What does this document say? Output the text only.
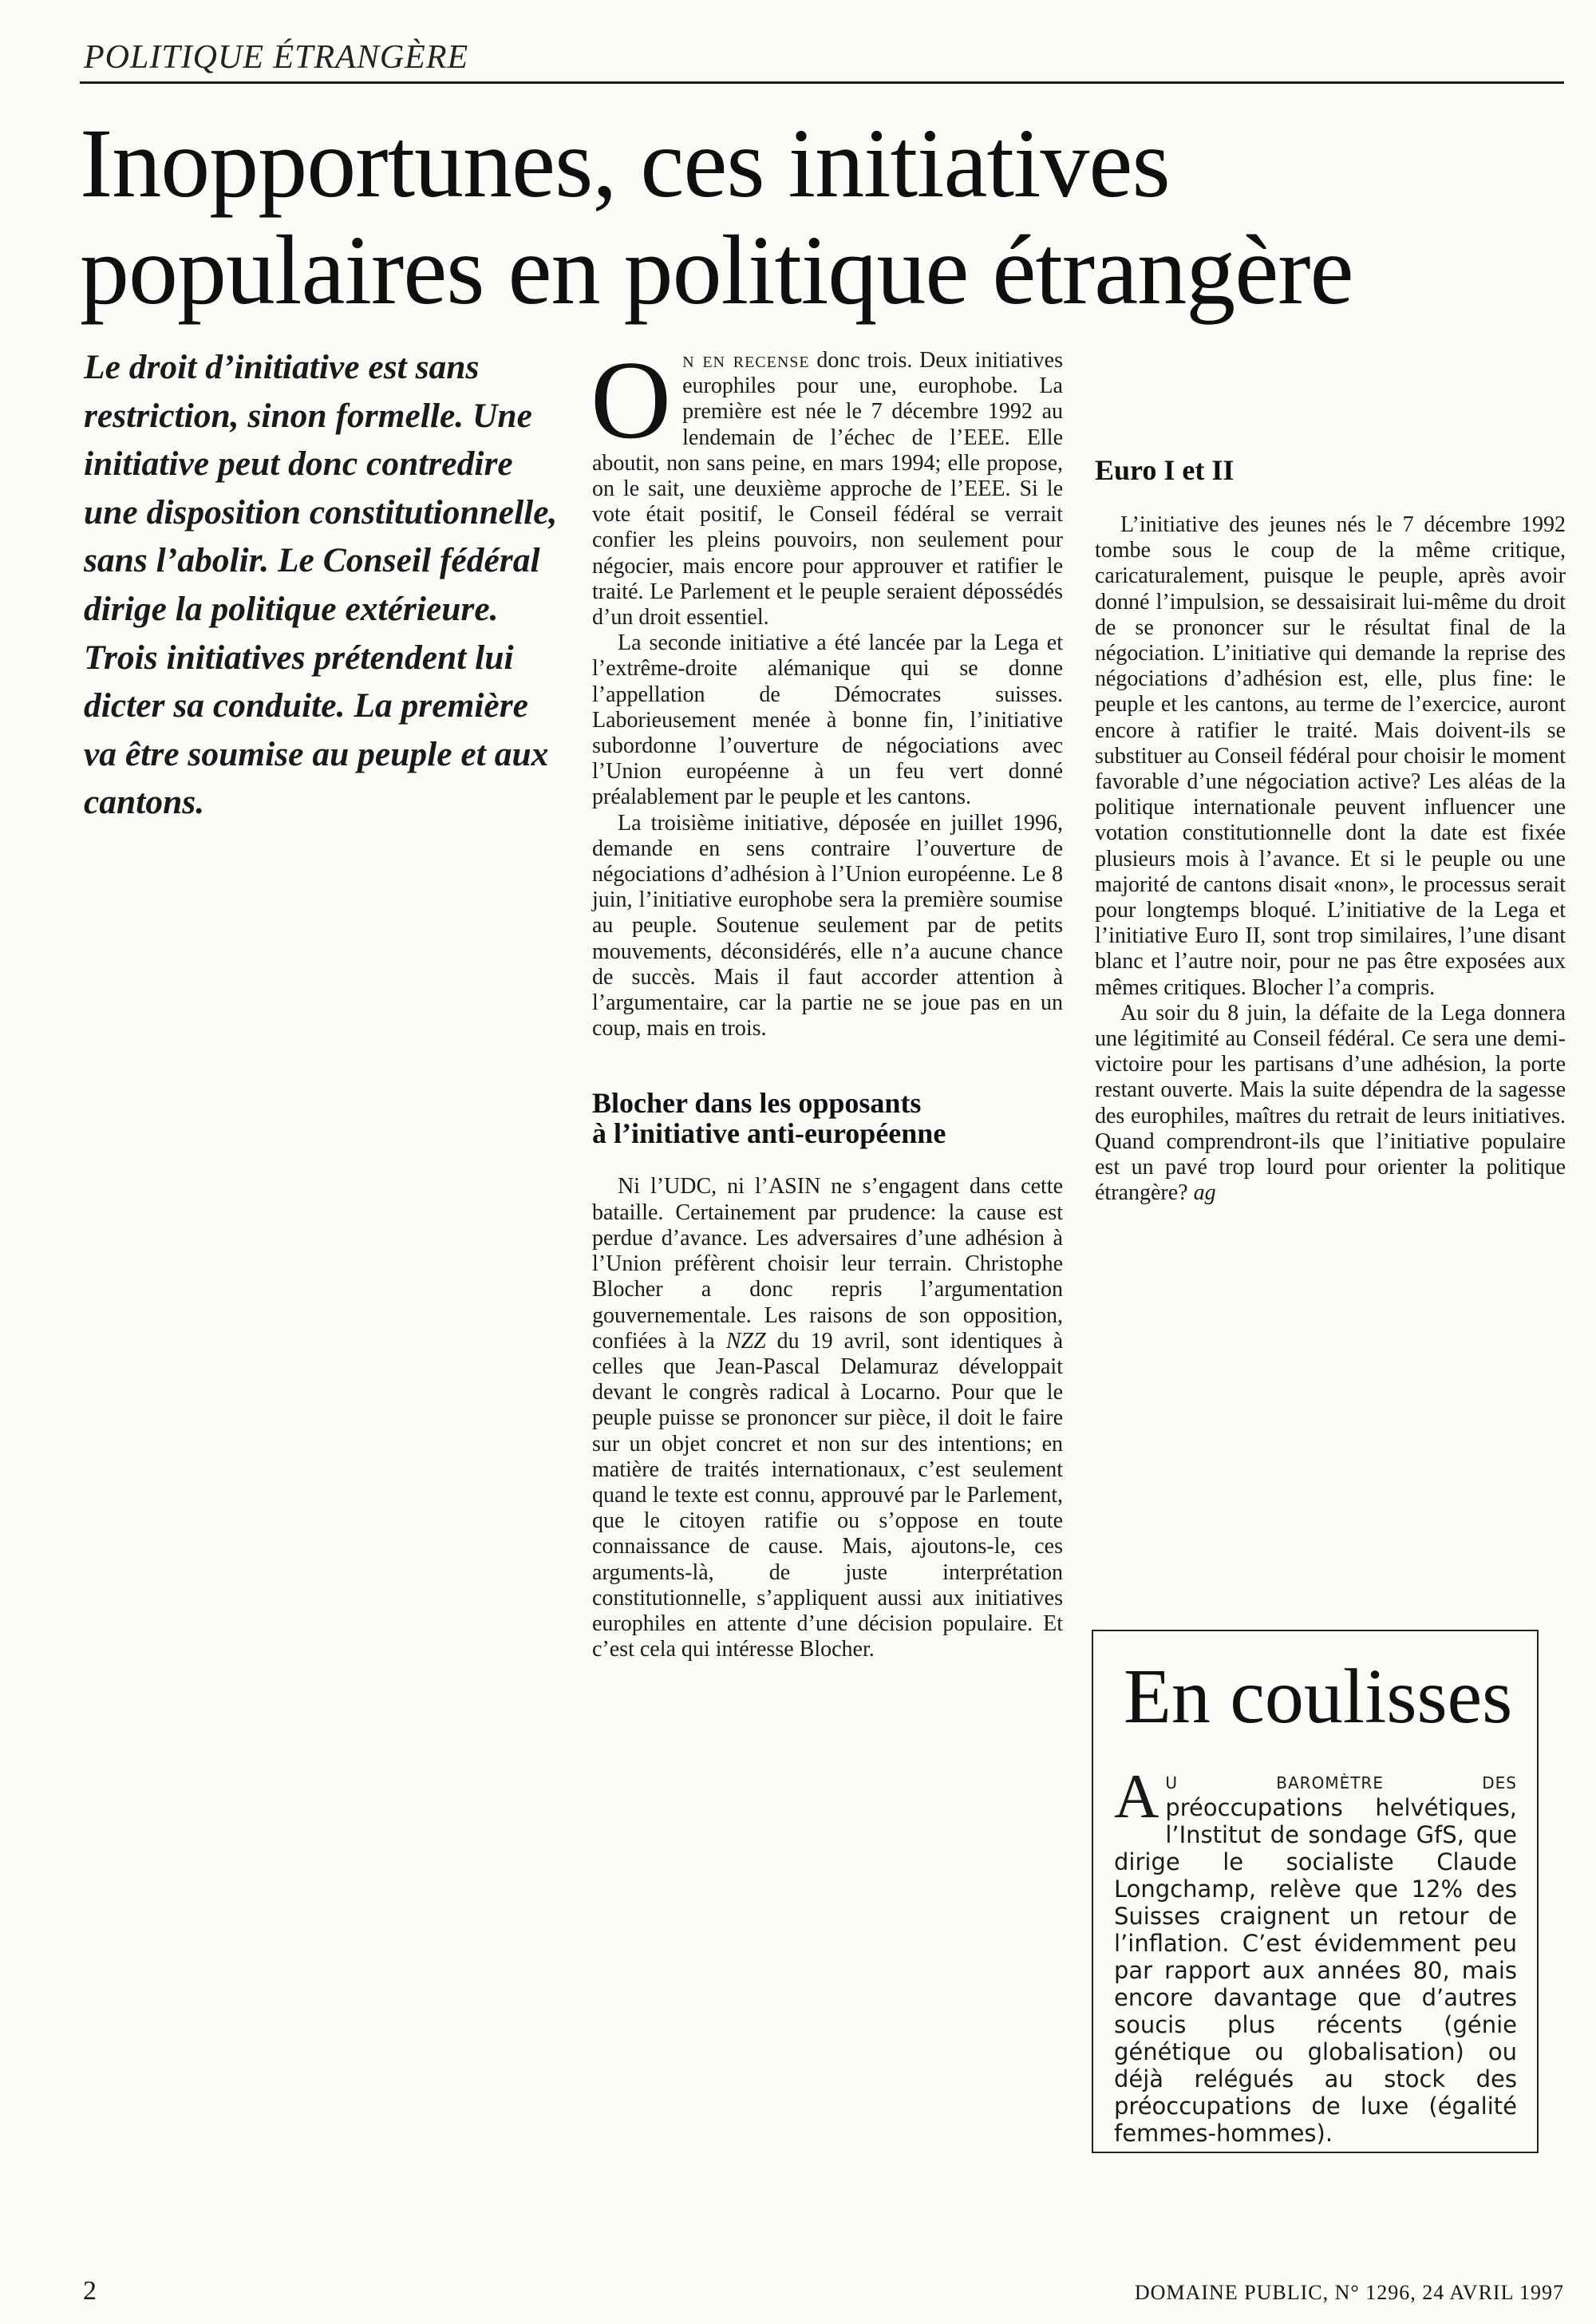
POLITIQUE ÉTRANGÈRE
Inopportunes, ces initiatives populaires en politique étrangère
Le droit d’initiative est sans restriction, sinon formelle. Une initiative peut donc contredire une disposition constitutionnelle, sans l’abolir. Le Conseil fédéral dirige la politique extérieure. Trois initiatives prétendent lui dicter sa conduite. La première va être soumise au peuple et aux cantons.

On en recense donc trois. Deux initiatives europhiles pour une, europhobe. La première est née le 7 décembre 1992 au lendemain de l’échec de l’EEE. Elle aboutit, non sans peine, en mars 1994; elle propose, on le sait, une deuxième approche de l’EEE. Si le vote était positif, le Conseil fédéral se verrait confier les pleins pouvoirs, non seulement pour négocier, mais encore pour approuver et ratifier le traité. Le Parlement et le peuple seraient dépossédés d’un droit essentiel.

La seconde initiative a été lancée par la Lega et l’extrême-droite alémanique qui se donne l’appellation de Démocrates suisses. Laborieusement menée à bonne fin, l’initiative subordonne l’ouverture de négociations avec l’Union européenne à un feu vert donné préalablement par le peuple et les cantons.

La troisième initiative, déposée en juillet 1996, demande en sens contraire l’ouverture de négociations d’adhésion à l’Union européenne. Le 8 juin, l’initiative europhobe sera la première soumise au peuple. Soutenue seulement par de petits mouvements, déconsidérés, elle n’a aucune chance de succès. Mais il faut accorder attention à l’argumentaire, car la partie ne se joue pas en un coup, mais en trois.

Blocher dans les opposants
à l’initiative anti-européenne

Ni l’UDC, ni l’ASIN ne s’engagent dans cette bataille. Certainement par prudence: la cause est perdue d’avance. Les adversaires d’une adhésion à l’Union préfèrent choisir leur terrain. Christophe Blocher a donc repris l’argumentation gouvernementale. Les raisons de son opposition, confiées à la NZZ du 19 avril, sont identiques à celles que Jean-Pascal Delamuraz développait devant le congrès radical à Locarno. Pour que le peuple puisse se prononcer sur pièce, il doit le faire sur un objet concret et non sur des intentions; en matière de traités internationaux, c’est seulement quand le texte est connu, approuvé par le Parlement, que le citoyen ratifie ou s’oppose en toute connaissance de cause. Mais, ajoutons-le, ces arguments-là, de juste interprétation constitutionnelle, s’appliquent aussi aux initiatives europhiles en attente d’une décision populaire. Et c’est cela qui intéresse Blocher.

Euro I et II

L’initiative des jeunes nés le 7 décembre 1992 tombe sous le coup de la même critique, caricaturalement, puisque le peuple, après avoir donné l’impulsion, se dessaisirait lui-même du droit de se prononcer sur le résultat final de la négociation. L’initiative qui demande la reprise des négociations d’adhésion est, elle, plus fine: le peuple et les cantons, au terme de l’exercice, auront encore à ratifier le traité. Mais doivent-ils se substituer au Conseil fédéral pour choisir le moment favorable d’une négociation active? Les aléas de la politique internationale peuvent influencer une votation constitutionnelle dont la date est fixée plusieurs mois à l’avance. Et si le peuple ou une majorité de cantons disait «non», le processus serait pour longtemps bloqué. L’initiative de la Lega et l’initiative Euro II, sont trop similaires, l’une disant blanc et l’autre noir, pour ne pas être exposées aux mêmes critiques. Blocher l’a compris.

Au soir du 8 juin, la défaite de la Lega donnera une légitimité au Conseil fédéral. Ce sera une demi-victoire pour les partisans d’une adhésion, la porte restant ouverte. Mais la suite dépendra de la sagesse des europhiles, maîtres du retrait de leurs initiatives. Quand comprendront-ils que l’initiative populaire est un pavé trop lourd pour orienter la politique étrangère? ag

En coulisses
Au baromètre des préoccupations helvétiques, l’Institut de sondage GfS, que dirige le socialiste Claude Longchamp, relève que 12% des Suisses craignent un retour de l’inflation. C’est évidemment peu par rapport aux années 80, mais encore davantage que d’autres soucis plus récents (génie génétique ou globalisation) ou déjà relégués au stock des préoccupations de luxe (égalité femmes-hommes).
2	DOMAINE PUBLIC, N° 1296, 24 AVRIL 1997
